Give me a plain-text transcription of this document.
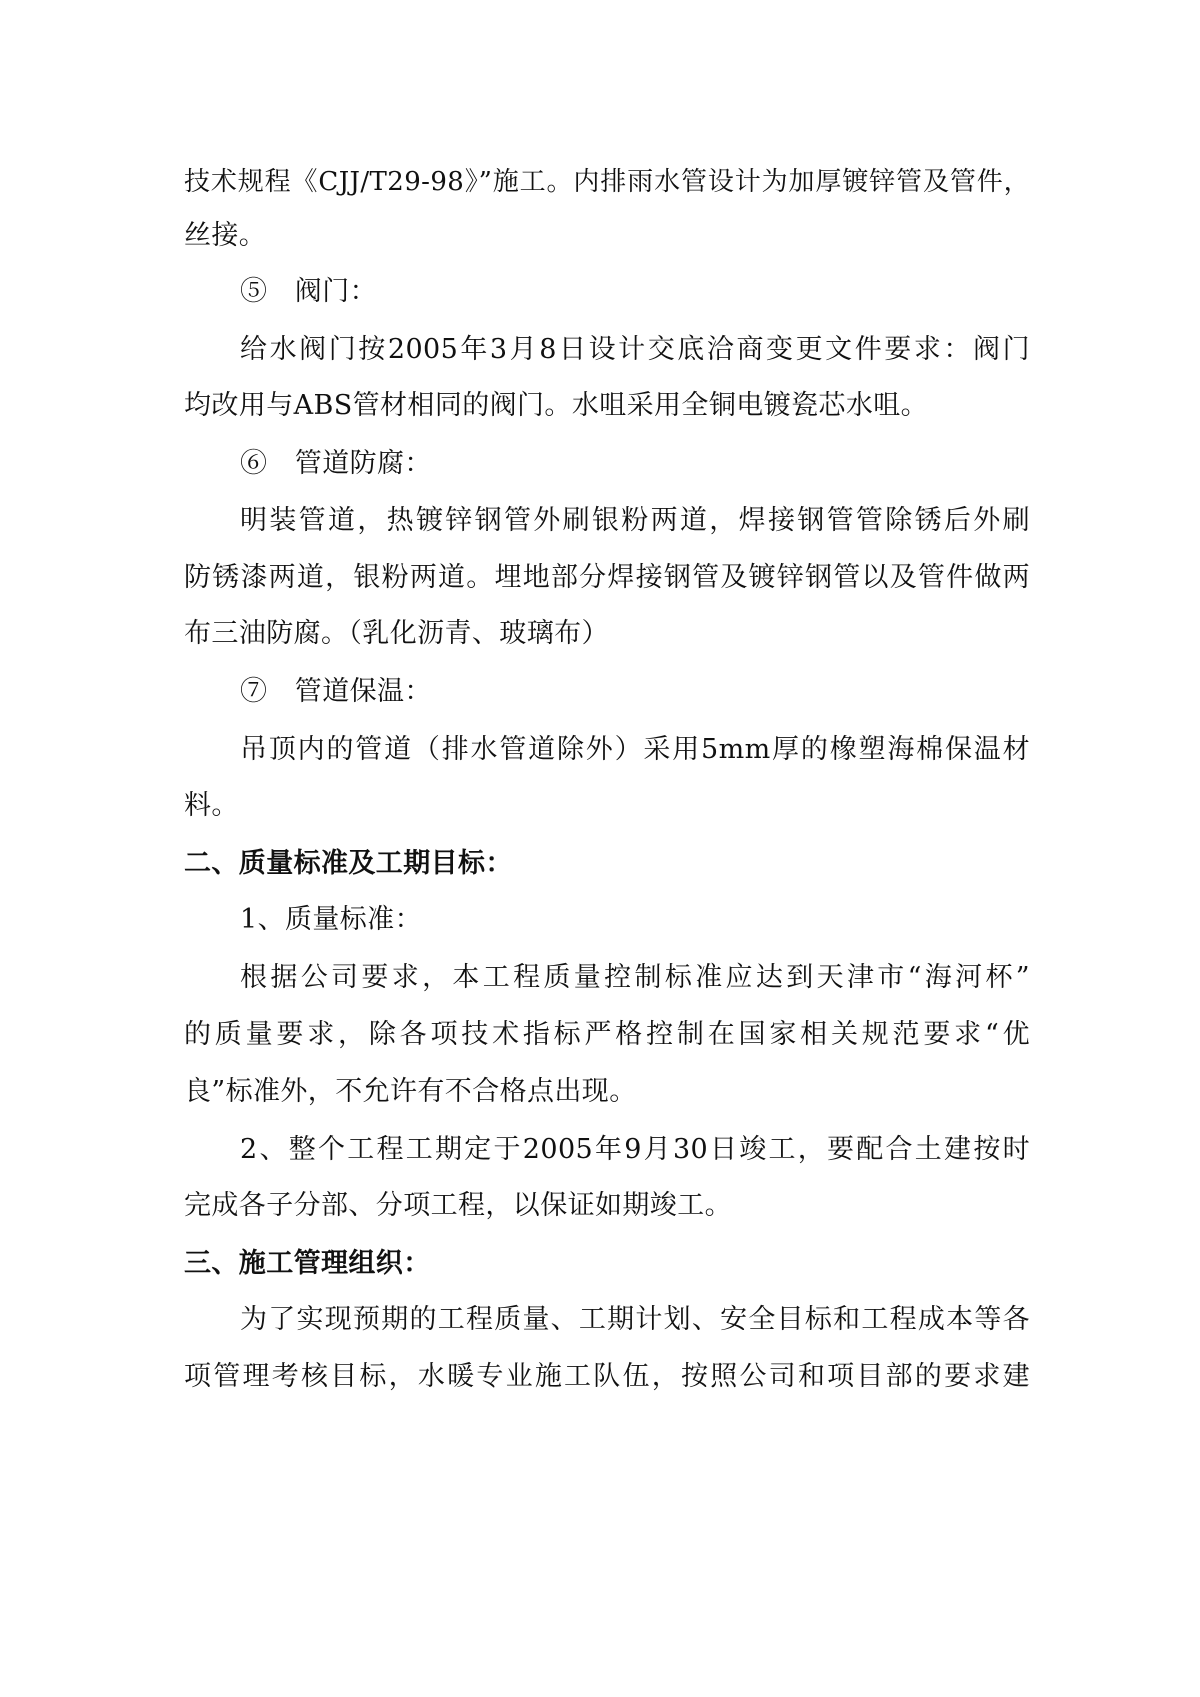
技术规程《CJJ/T29-98》”施工。内排雨水管设计为加厚镀锌管及管件，
丝接。
⑤　阀门：
给水阀门按2005年3月8日设计交底洽商变更文件要求：阀门
均改用与ABS管材相同的阀门。水咀采用全铜电镀瓷芯水咀。
⑥　管道防腐：
明装管道，热镀锌钢管外刷银粉两道，焊接钢管管除锈后外刷
防锈漆两道，银粉两道。埋地部分焊接钢管及镀锌钢管以及管件做两
布三油防腐。（乳化沥青、玻璃布）
⑦　管道保温：
吊顶内的管道（排水管道除外）采用5mm厚的橡塑海棉保温材
料。
二、质量标准及工期目标：
1、质量标准：
根据公司要求，本工程质量控制标准应达到天津市“海河杯”
的质量要求，除各项技术指标严格控制在国家相关规范要求“优
良”标准外，不允许有不合格点出现。
2、整个工程工期定于2005年9月30日竣工，要配合土建按时
完成各子分部、分项工程，以保证如期竣工。
三、施工管理组织：
为了实现预期的工程质量、工期计划、安全目标和工程成本等各
项管理考核目标，水暖专业施工队伍，按照公司和项目部的要求建
